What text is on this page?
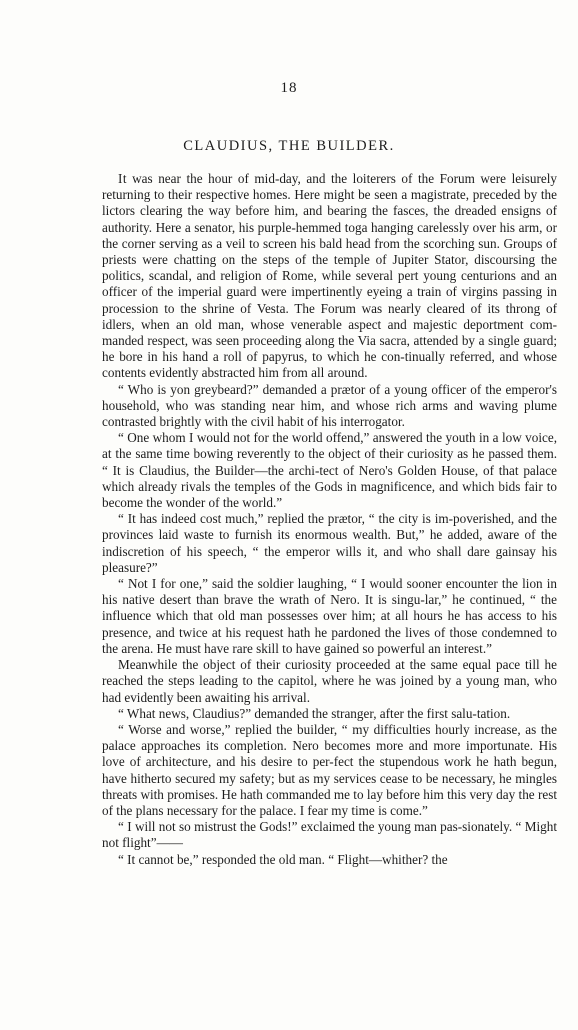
18
CLAUDIUS, THE BUILDER.

It was near the hour of mid-day, and the loiterers of the Forum were leisurely returning to their respective homes. Here might be seen a magistrate, preceded by the lictors clearing the way before him, and bearing the fasces, the dreaded ensigns of authority. Here a senator, his purple-hemmed toga hanging carelessly over his arm, or the corner serving as a veil to screen his bald head from the scorching sun. Groups of priests were chatting on the steps of the temple of Jupiter Stator, discoursing the politics, scandal, and religion of Rome, while several pert young centurions and an officer of the imperial guard were impertinently eyeing a train of virgins passing in procession to the shrine of Vesta. The Forum was nearly cleared of its throng of idlers, when an old man, whose venerable aspect and majestic deportment com-manded respect, was seen proceeding along the Via sacra, attended by a single guard; he bore in his hand a roll of papyrus, to which he con-tinually referred, and whose contents evidently abstracted him from all around.

“ Who is yon greybeard?” demanded a prætor of a young officer of the emperor's household, who was standing near him, and whose rich arms and waving plume contrasted brightly with the civil habit of his interrogator.

“ One whom I would not for the world offend,” answered the youth in a low voice, at the same time bowing reverently to the object of their curiosity as he passed them. “ It is Claudius, the Builder—the archi-tect of Nero's Golden House, of that palace which already rivals the temples of the Gods in magnificence, and which bids fair to become the wonder of the world.”

“ It has indeed cost much,” replied the prætor, “ the city is im-poverished, and the provinces laid waste to furnish its enormous wealth. But,” he added, aware of the indiscretion of his speech, “ the emperor wills it, and who shall dare gainsay his pleasure?”

“ Not I for one,” said the soldier laughing, “ I would sooner encounter the lion in his native desert than brave the wrath of Nero. It is singu-lar,” he continued, “ the influence which that old man possesses over him; at all hours he has access to his presence, and twice at his request hath he pardoned the lives of those condemned to the arena. He must have rare skill to have gained so powerful an interest.”

Meanwhile the object of their curiosity proceeded at the same equal pace till he reached the steps leading to the capitol, where he was joined by a young man, who had evidently been awaiting his arrival.

“ What news, Claudius?” demanded the stranger, after the first salu-tation.

“ Worse and worse,” replied the builder, “ my difficulties hourly increase, as the palace approaches its completion. Nero becomes more and more importunate. His love of architecture, and his desire to per-fect the stupendous work he hath begun, have hitherto secured my safety; but as my services cease to be necessary, he mingles threats with promises. He hath commanded me to lay before him this very day the rest of the plans necessary for the palace. I fear my time is come.”

“ I will not so mistrust the Gods!” exclaimed the young man pas-sionately. “ Might not flight”——

“ It cannot be,” responded the old man. “ Flight—whither? the
